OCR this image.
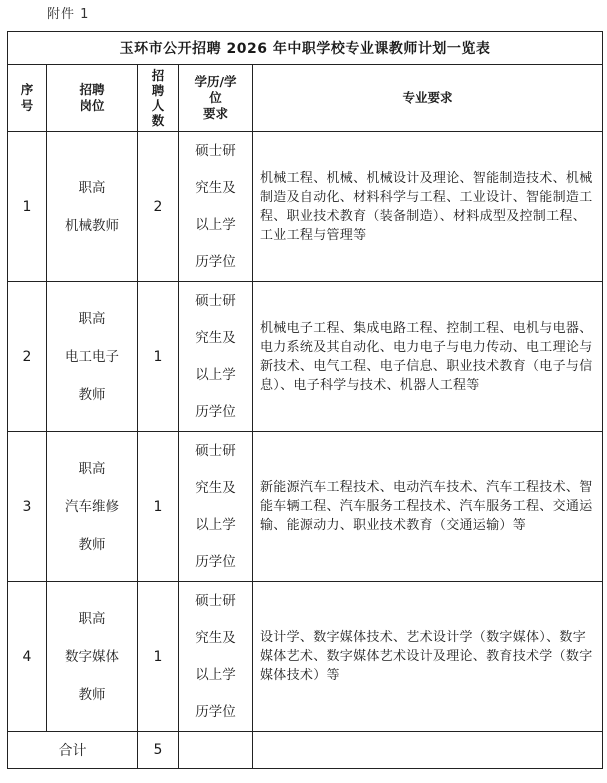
附件 1
玉环市公开招聘 2026 年中职学校专业课教师计划一览表				
序
号	招聘
岗位	招
聘
人
数	学历/学
位
要求	专业要求
1	职高
机械教师	2	硕士研
究生及
以上学
历学位	机械工程、机械、机械设计及理论、智能制造技术、机械制造及自动化、材料科学与工程、工业设计、智能制造工程、职业技术教育（装备制造）、材料成型及控制工程、工业工程与管理等
2	职高
电工电子
教师	1	硕士研
究生及
以上学
历学位	机械电子工程、集成电路工程、控制工程、电机与电器、电力系统及其自动化、电力电子与电力传动、电工理论与新技术、电气工程、电子信息、职业技术教育（电子与信息）、电子科学与技术、机器人工程等
3	职高
汽车维修
教师	1	硕士研
究生及
以上学
历学位	新能源汽车工程技术、电动汽车技术、汽车工程技术、智能车辆工程、汽车服务工程技术、汽车服务工程、交通运输、能源动力、职业技术教育（交通运输）等
4	职高
数字媒体
教师	1	硕士研
究生及
以上学
历学位	设计学、数字媒体技术、艺术设计学（数字媒体）、数字媒体艺术、数字媒体艺术设计及理论、教育技术学（数字媒体技术）等
合计		5		
